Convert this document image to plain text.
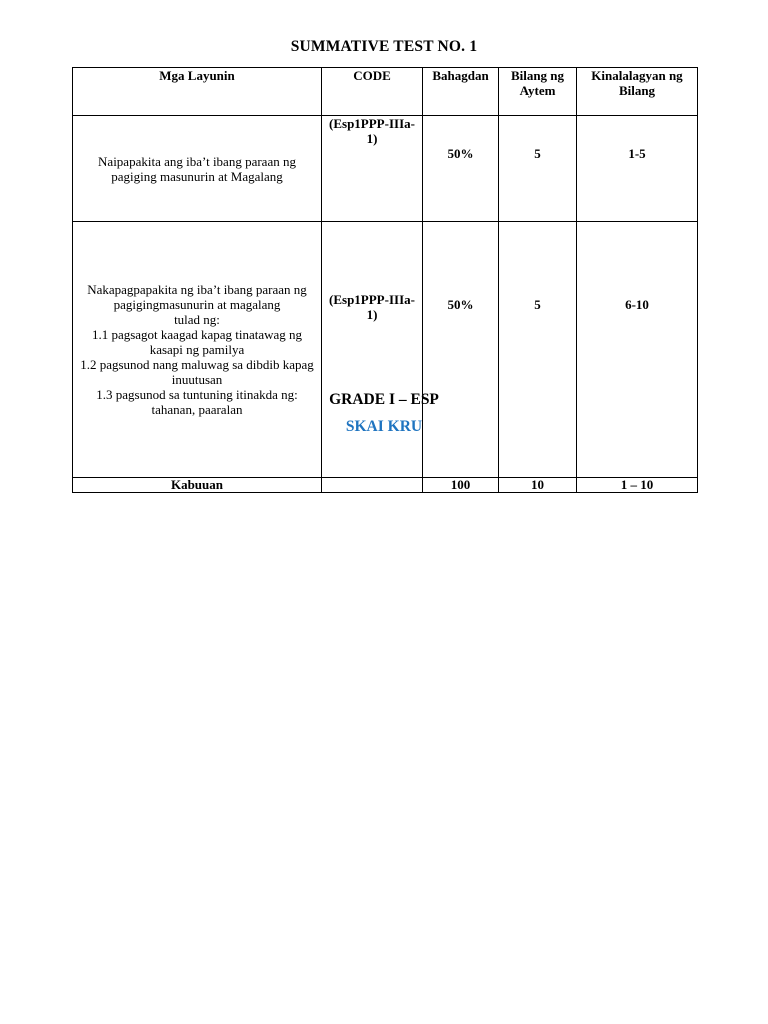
SUMMATIVE TEST NO. 1
Mga Layunin	CODE	Bahagdan	Bilang ng Aytem	Kinalalagyan ng Bilang

Naipapakita ang iba’t ibang paraan ng pagiging masunurin at Magalang	(Esp1PPP-IIIa-1)	50%	5	1-5

Nakapagpapakita ng iba’t ibang paraan ng pagigingmasunurin at magalang
tulad ng:
1.1 pagsagot kaagad kapag tinatawag ng kasapi ng pamilya
1.2 pagsunod nang maluwag sa dibdib kapag inuutusan
1.3 pagsunod sa tuntuning itinakda ng: tahanan, paaralan	(Esp1PPP-IIIa-1)	50%	5	6-10
Kabuuan		100	10	1 – 10
GRADE I – ESP
SKAI KRU
